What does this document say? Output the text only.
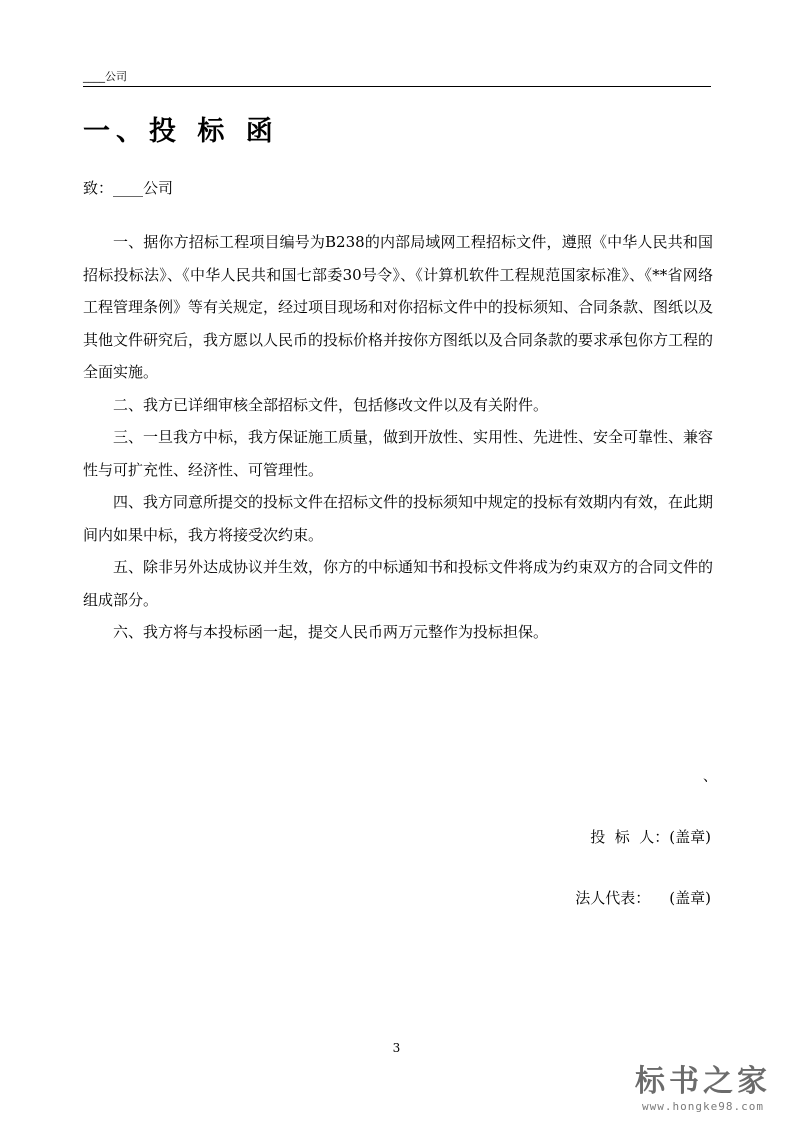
____公司
一、投 标 函
致：____公司

一、据你方招标工程项目编号为B238的内部局域网工程招标文件，遵照《中华人民共和国招标投标法》、《中华人民共和国七部委30号令》、《计算机软件工程规范国家标准》、《**省网络工程管理条例》等有关规定，经过项目现场和对你招标文件中的投标须知、合同条款、图纸以及其他文件研究后，我方愿以人民币的投标价格并按你方图纸以及合同条款的要求承包你方工程的全面实施。

二、我方已详细审核全部招标文件，包括修改文件以及有关附件。

三、一旦我方中标，我方保证施工质量，做到开放性、实用性、先进性、安全可靠性、兼容性与可扩充性、经济性、可管理性。

四、我方同意所提交的投标文件在招标文件的投标须知中规定的投标有效期内有效，在此期间内如果中标，我方将接受次约束。

五、除非另外达成协议并生效，你方的中标通知书和投标文件将成为约束双方的合同文件的组成部分。

六、我方将与本投标函一起，提交人民币两万元整作为投标担保。

、
投  标  人：(盖章)
法人代表：    (盖章)
3
标书之家
www.hongke98.com
